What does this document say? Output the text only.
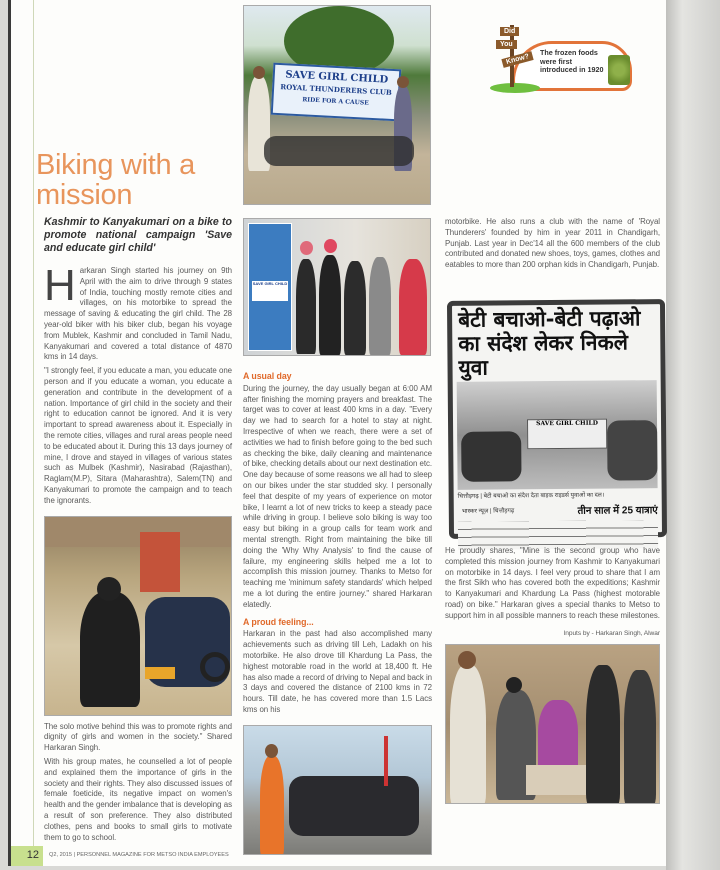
SAVE GIRL CHILD
ROYAL THUNDERERS CLUB
RIDE FOR A CAUSE
Did
You
Know?
The frozen foods were first introduced in 1920
Biking with a
mission
Kashmir to Kanyakumari on a bike to promote national campaign 'Save and educate girl child'

Harkaran Singh started his journey on 9th April with the aim to drive through 9 states of India, touching mostly remote cities and villages, on his motorbike to spread the message of saving & educating the girl child. The 28 year-old biker with his biker club, began his voyage from Mublek, Kashmir and concluded in Tamil Nadu, Kanyakumari and covered a total distance of 4870 kms in 14 days.

"I strongly feel, if you educate a man, you educate one person and if you educate a woman, you educate a generation and contribute in the development of a nation. Importance of girl child in the society and their right to education cannot be ignored. And it is very important to spread awareness about it. Especially in the remote cities, villages and rural areas people need to be educated about it. During this 13 days journey of mine, I drove and stayed in villages of various states such as Mulbek (Kashmir), Nasirabad (Rajasthan), Raglam(M.P), Sitara (Maharashtra), Salem(TN) and Kanyakumari to promote the campaign and to teach the ignorants.

The solo motive behind this was to promote rights and dignity of girls and women in the society." Shared Harkaran Singh.

With his group mates, he counselled a lot of people and explained them the importance of girls in the society and their rights. They also discussed issues of female foeticide, its negative impact on women's health and the gender imbalance that is developing as a result of son preference. They also distributed clothes, pens and books to small girls to motivate them to go to school.

SAVE GIRL CHILD
A usual day

During the journey, the day usually began at 6:00 AM after finishing the morning prayers and breakfast. The target was to cover at least 400 kms in a day. "Every day we had to search for a hotel to stay at night. Irrespective of when we reach, there were a set of activities we had to finish before going to the bed such as checking the bike, daily cleaning and maintenance of bike, checking details about our next destination etc. One day because of some reasons we all had to sleep on our bikes under the star studded sky. I personally feel that despite of my years of experience on motor bike, I learnt a lot of new tricks to keep a steady pace while driving in group. I believe solo biking is way too easy but biking in a group calls for team work and mental strength. Right from maintaining the bike till doing the 'Why Why Analysis' to find the cause of failure, my engineering skills helped me a lot to accomplish this mission journey. Thanks to Metso for teaching me 'minimum safety standards' which helped me a lot during the entire journey." shared Harkaran elatedly.

A proud feeling...

Harkaran in the past had also accomplished many achievements such as driving till Leh, Ladakh on his motorbike. He also drove till Khardung La Pass, the highest motorable road in the world at 18,400 ft. He has also made a record of driving to Nepal and back in 3 days and covered the distance of 2100 kms in 72 hours. Till date, he has covered more than 1.5 Lacs kms on his

motorbike. He also runs a club with the name of 'Royal Thunderers' founded by him in year 2011 in Chandigarh, Punjab. Last year in Dec'14 all the 600 members of the club contributed and donated new shoes, toys, games, clothes and eatables to more than 200 orphan kids in Chandigarh, Punjab.

बेटी बचाओ-बेटी पढ़ाओ का संदेश लेकर निकले युवा
SAVE GIRL CHILD
चित्तौड़गढ़ | बेटी बचाओ का संदेश देता बाइक राइडर्स युवाओं का दल।
भास्कर न्यूज़ | चित्तौड़गढ़	तीन साल में 25 यात्राएं

He proudly shares, "Mine is the second group who have completed this mission journey from Kashmir to Kanyakumari on motorbike in 14 days. I feel very proud to share that I am the first Sikh who has covered both the expeditions; Kashmir to Kanyakumari and Khardung La Pass (highest motorable road) on bike." Harkaran gives a special thanks to Metso to support him in all possible manners to reach these milestones.

Inputs by - Harkaran Singh, Alwar

12	Q2, 2015 | PERSONNEL MAGAZINE FOR METSO INDIA EMPLOYEES
